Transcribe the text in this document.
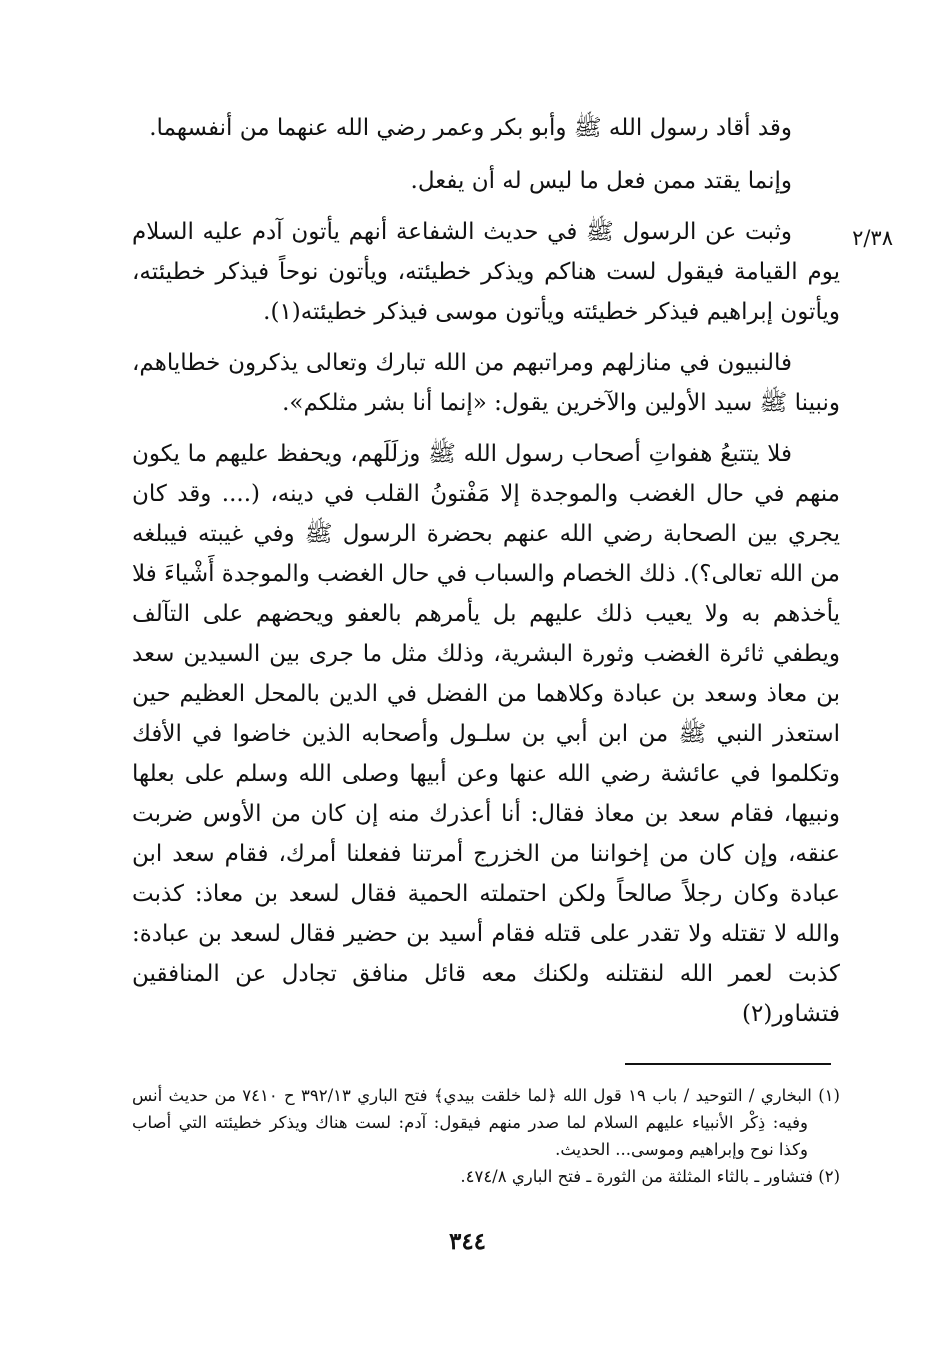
٢/٣٨

وقد أقاد رسول الله ﷺ وأبو بكر وعمر رضي الله عنهما من أنفسهما.

وإنما يقتد ممن فعل ما ليس له أن يفعل.

وثبت عن الرسول ﷺ في حديث الشفاعة أنهم يأتون آدم عليه السلام يوم القيامة فيقول لست هناكم ويذكر خطيئته، ويأتون نوحاً فيذكر خطيئته، ويأتون إبراهيم فيذكر خطيئته ويأتون موسى فيذكر خطيئته(١).

فالنبيون في منازلهم ومراتبهم من الله تبارك وتعالى يذكرون خطاياهم، ونبينا ﷺ سيد الأولين والآخرين يقول: «إنما أنا بشر مثلكم».

فلا يتتبعُ هفواتِ أصحاب رسول الله ﷺ وزلَلَهم، ويحفظ عليهم ما يكون منهم في حال الغضب والموجدة إلا مَفْتونُ القلب في دينه، (.... وقد كان يجري بين الصحابة رضي الله عنهم بحضرة الرسول ﷺ وفي غيبته فيبلغه من الله تعالى؟). ذلك الخصام والسباب في حال الغضب والموجدة أَشْياءَ فلا يأخذهم به ولا يعيب ذلك عليهم بل يأمرهم بالعفو ويحضهم على التآلف ويطفي ثائرة الغضب وثورة البشرية، وذلك مثل ما جرى بين السيدين سعد بن معاذ وسعد بن عبادة وكلاهما من الفضل في الدين بالمحل العظيم حين استعذر النبي ﷺ من ابن أبي بن سلـول وأصحابه الذين خاضوا في الأفك وتكلموا في عائشة رضي الله عنها وعن أبيها وصلى الله وسلم على بعلها ونبيها، فقام سعد بن معاذ فقال: أنا أعذرك منه إن كان من الأوس ضربت عنقه، وإن كان من إخواننا من الخزرج أمرتنا ففعلنا أمرك، فقام سعد ابن عبادة وكان رجلاً صالحاً ولكن احتملته الحمية فقال لسعد بن معاذ: كذبت والله لا تقتله ولا تقدر على قتله فقام أسيد بن حضير فقال لسعد بن عبادة: كذبت لعمر الله لنقتلنه ولكنك معه قائل منافق تجادل عن المنافقين فتشاور(٢)

(١) البخاري / التوحيد / باب ١٩ قول الله ﴿لما خلقت بيدي﴾ فتح الباري ٣٩٢/١٣ ح ٧٤١٠ من حديث أنس وفيه: ذِكْر الأنبياء عليهم السلام لما صدر منهم فيقول: آدم: لست هناك ويذكر خطيئته التي أصاب وكذا نوح وإبراهيم وموسى... الحديث.

(٢) فتشاور ـ بالثاء المثلثة من الثورة ـ فتح الباري ٤٧٤/٨.

٣٤٤
